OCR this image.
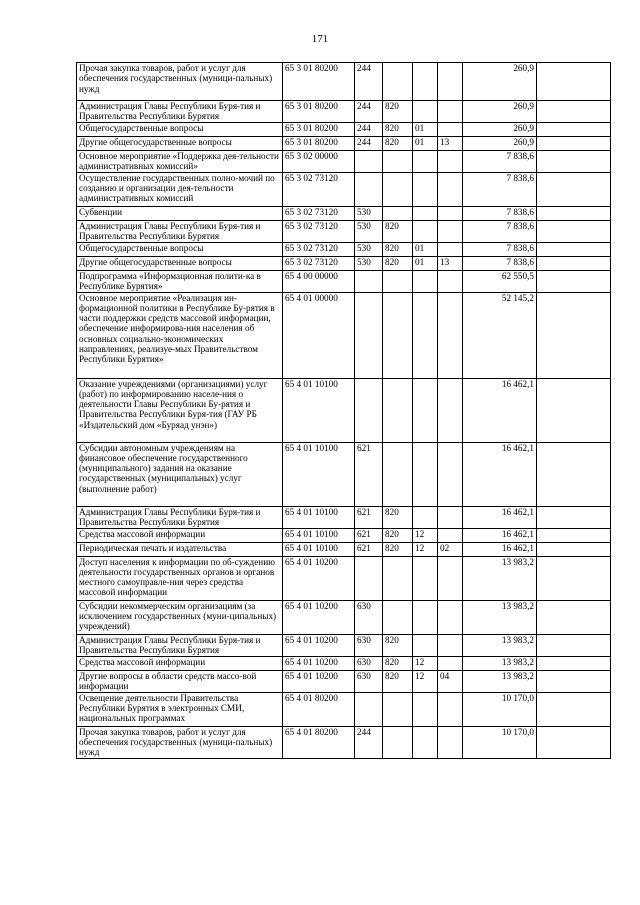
171
Прочая закупка товаров, работ и услуг для обеспечения государственных (муници-пальных) нужд	65 3 01 80200	244				260,9	
Администрация Главы Республики Буря-тия и Правительства Республики Бурятия	65 3 01 80200	244	820			260,9	
Общегосударственные вопросы	65 3 01 80200	244	820	01		260,9	
Другие общегосударственные вопросы	65 3 01 80200	244	820	01	13	260,9	
Основное мероприятие «Поддержка дея-тельности административных комиссий»	65 3 02 00000					7 838,6	
Осуществление государственных полно-мочий по созданию и организации дея-тельности административных комиссий	65 3 02 73120					7 838,6	
Субвенции	65 3 02 73120	530				7 838,6	
Администрация Главы Республики Буря-тия и Правительства Республики Бурятия	65 3 02 73120	530	820			7 838,6	
Общегосударственные вопросы	65 3 02 73120	530	820	01		7 838,6	
Другие общегосударственные вопросы	65 3 02 73120	530	820	01	13	7 838,6	
Подпрограмма «Информационная полити-ка в Республике Бурятия»	65 4 00 00000					62 550,5	
Основное мероприятие «Реализация ин-формационной политики в Республике Бу-рятия в части поддержки средств массовой информации, обеспечение информирова-ния населения об основных социально-экономических направлениях, реализуе-мых Правительством Республики Бурятия»	65 4 01 00000					52 145,2	
Оказание учреждениями (организациями) услуг (работ) по информированию населе-ния о деятельности Главы Республики Бу-рятия и Правительства Республики Буря-тия (ГАУ РБ «Издательский дом «Буряад унэн»)	65 4 01 10100					16 462,1	
Субсидии автономным учреждениям на финансовое обеспечение государственного (муниципального) задания на оказание государственных (муниципальных) услуг (выполнение работ)	65 4 01 10100	621				16 462,1	
Администрация Главы Республики Буря-тия и Правительства Республики Бурятия	65 4 01 10100	621	820			16 462,1	
Средства массовой информации	65 4 01 10100	621	820	12		16 462,1	
Периодическая печать и издательства	65 4 01 10100	621	820	12	02	16 462,1	
Доступ населения к информации по об-суждению деятельности государственных органов и органов местного самоуправле-ния через средства массовой информации	65 4 01 10200					13 983,2	
Субсидии некоммерческим организациям (за исключением государственных (муни-ципальных) учреждений)	65 4 01 10200	630				13 983,2	
Администрация Главы Республики Буря-тия и Правительства Республики Бурятия	65 4 01 10200	630	820			13 983,2	
Средства массовой информации	65 4 01 10200	630	820	12		13 983,2	
Другие вопросы в области средств массо-вой информации	65 4 01 10200	630	820	12	04	13 983,2	
Освещение деятельности Правительства Республики Бурятия в электронных СМИ, национальных программах	65 4 01 80200					10 170,0	
Прочая закупка товаров, работ и услуг для обеспечения государственных (муници-пальных) нужд	65 4 01 80200	244				10 170,0	
